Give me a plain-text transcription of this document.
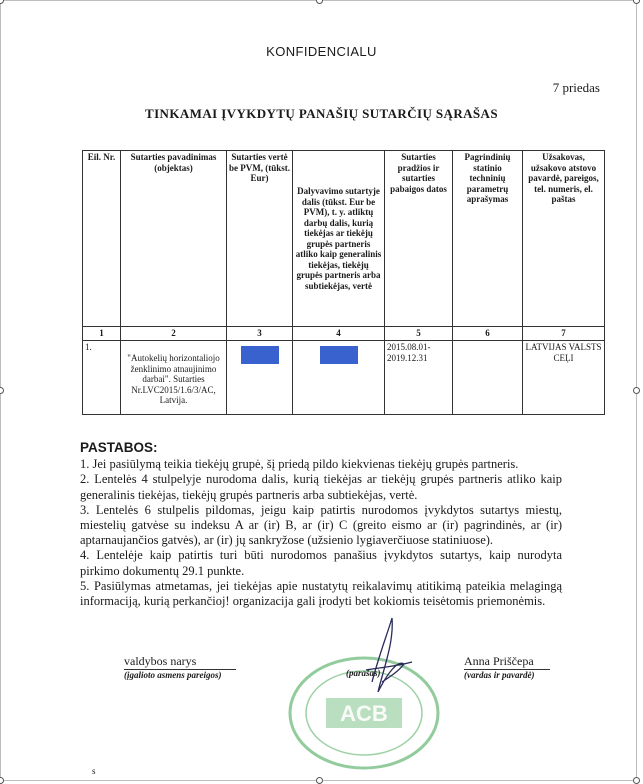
KONFIDENCIALU
7 priedas
TINKAMAI ĮVYKDYTŲ PANAŠIŲ SUTARČIŲ SĄRAŠAS
Eil. Nr.	Sutarties pavadinimas (objektas)	Sutarties vertė be PVM, (tūkst. Eur)	Dalyvavimo sutartyje dalis (tūkst. Eur be PVM), t. y. atliktų darbų dalis, kurią tiekėjas ar tiekėjų grupės partneris atliko kaip generalinis tiekėjas, tiekėjų grupės partneris arba subtiekėjas, vertė	Sutarties pradžios ir sutarties pabaigos datos	Pagrindinių statinio techninių parametrų aprašymas	Užsakovas, užsakovo atstovo pavardė, pareigos, tel. numeris, el. paštas
1	2	3	4	5	6	7
1.	"Autokelių horizontaliojo ženklinimo atnaujinimo darbai". Sutarties Nr.LVC2015/1.6/3/AC, Latvija.			2015.08.01-2019.12.31		LATVIJAS VALSTS CEĻI
PASTABOS:

1. Jei pasiūlymą teikia tiekėjų grupė, šį priedą pildo kiekvienas tiekėjų grupės partneris.

2. Lentelės 4 stulpelyje nurodoma dalis, kurią tiekėjas ar tiekėjų grupės partneris atliko kaip generalinis tiekėjas, tiekėjų grupės partneris arba subtiekėjas, vertė.

3. Lentelės 6 stulpelis pildomas, jeigu kaip patirtis nurodomos įvykdytos sutartys miestų, miestelių gatvėse su indeksu A ar (ir) B, ar (ir) C (greito eismo ar (ir) pagrindinės, ar (ir) aptarnaujančios gatvės), ar (ir) jų sankryžose (užsienio lygiaverčiuose statiniuose).

4. Lentelėje kaip patirtis turi būti nurodomos panašius įvykdytos sutartys, kaip nurodyta pirkimo dokumentų 29.1 punkte.

5. Pasiūlymas atmetamas, jei tiekėjas apie nustatytų reikalavimų atitikimą pateikia melagingą informaciją, kurią perkančioj! organizacija gali įrodyti bet kokiomis teisėtomis priemonėmis.

ACB
valdybos narys
(įgalioto asmens pareigos)	(parašas)
Anna Priščepa
(vardas ir pavardė)
s
